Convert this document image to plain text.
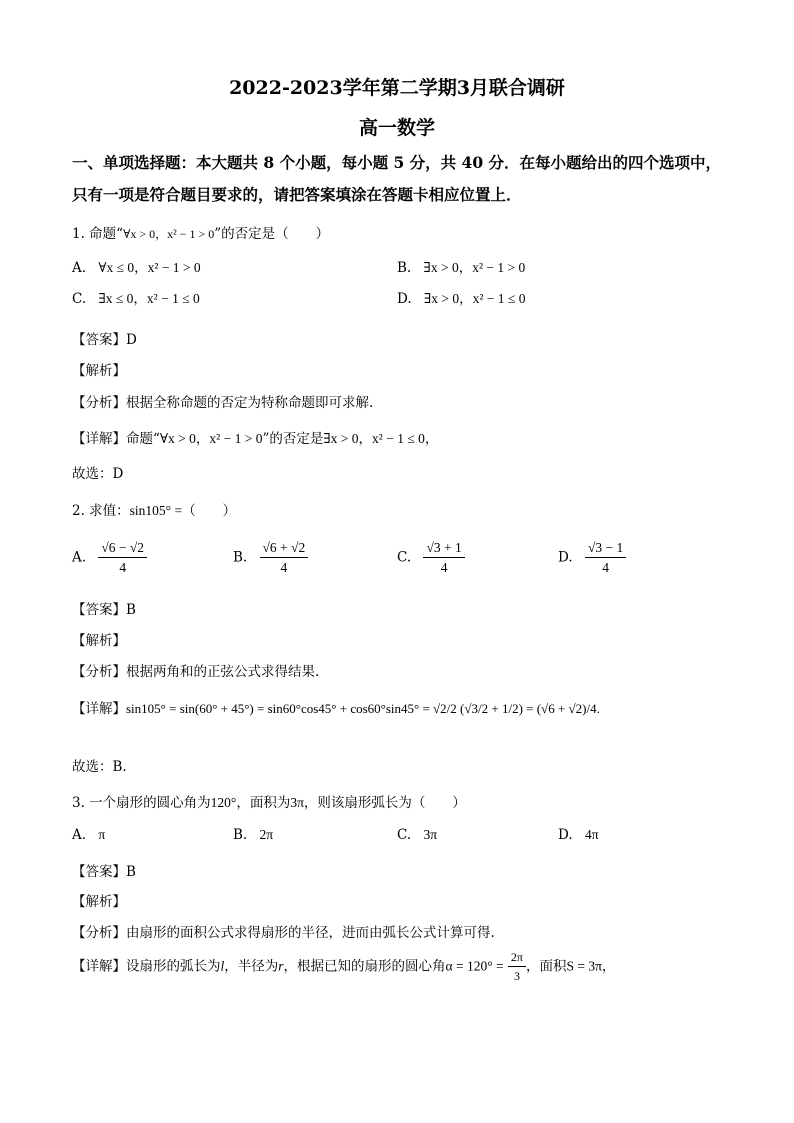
2022-2023学年第二学期3月联合调研
高一数学
一、单项选择题：本大题共 8 个小题，每小题 5 分，共 40 分．在每小题给出的四个选项中，
只有一项是符合题目要求的，请把答案填涂在答题卡相应位置上．
1. 命题“∀x > 0，x² − 1 > 0”的否定是（　　）
A. ∀x ≤ 0，x² − 1 > 0	B. ∃x > 0，x² − 1 > 0
C. ∃x ≤ 0，x² − 1 ≤ 0	D. ∃x > 0，x² − 1 ≤ 0
【答案】D
【解析】
【分析】根据全称命题的否定为特称命题即可求解.
【详解】命题“∀x > 0，x² − 1 > 0”的否定是∃x > 0，x² − 1 ≤ 0，
故选：D
2. 求值：sin105° =（　　）
A. $\frac{√6 - √2}{4}$	B. $\frac{√6 + √2}{4}$	C. $\frac{√3 + 1}{4}$	D. $\frac{√3 - 1}{4}$
【答案】B
【解析】
【分析】根据两角和的正弦公式求得结果.
【详解】sin105° = sin(60° + 45°) = sin60°cos45° + cos60°sin45° = √2/2 (√3/2 + 1/2) = (√6 + √2)/4.
故选：B.
3. 一个扇形的圆心角为120°，面积为3π，则该扇形弧长为（　　）
A. π	B. 2π	C. 3π	D. 4π
【答案】B
【解析】
【分析】由扇形的面积公式求得扇形的半径，进而由弧长公式计算可得.
【详解】设扇形的弧长为l，半径为r，根据已知的扇形的圆心角$\alpha = 120^\circ = \frac{2\pi}{3}$ ，面积S = 3π，
